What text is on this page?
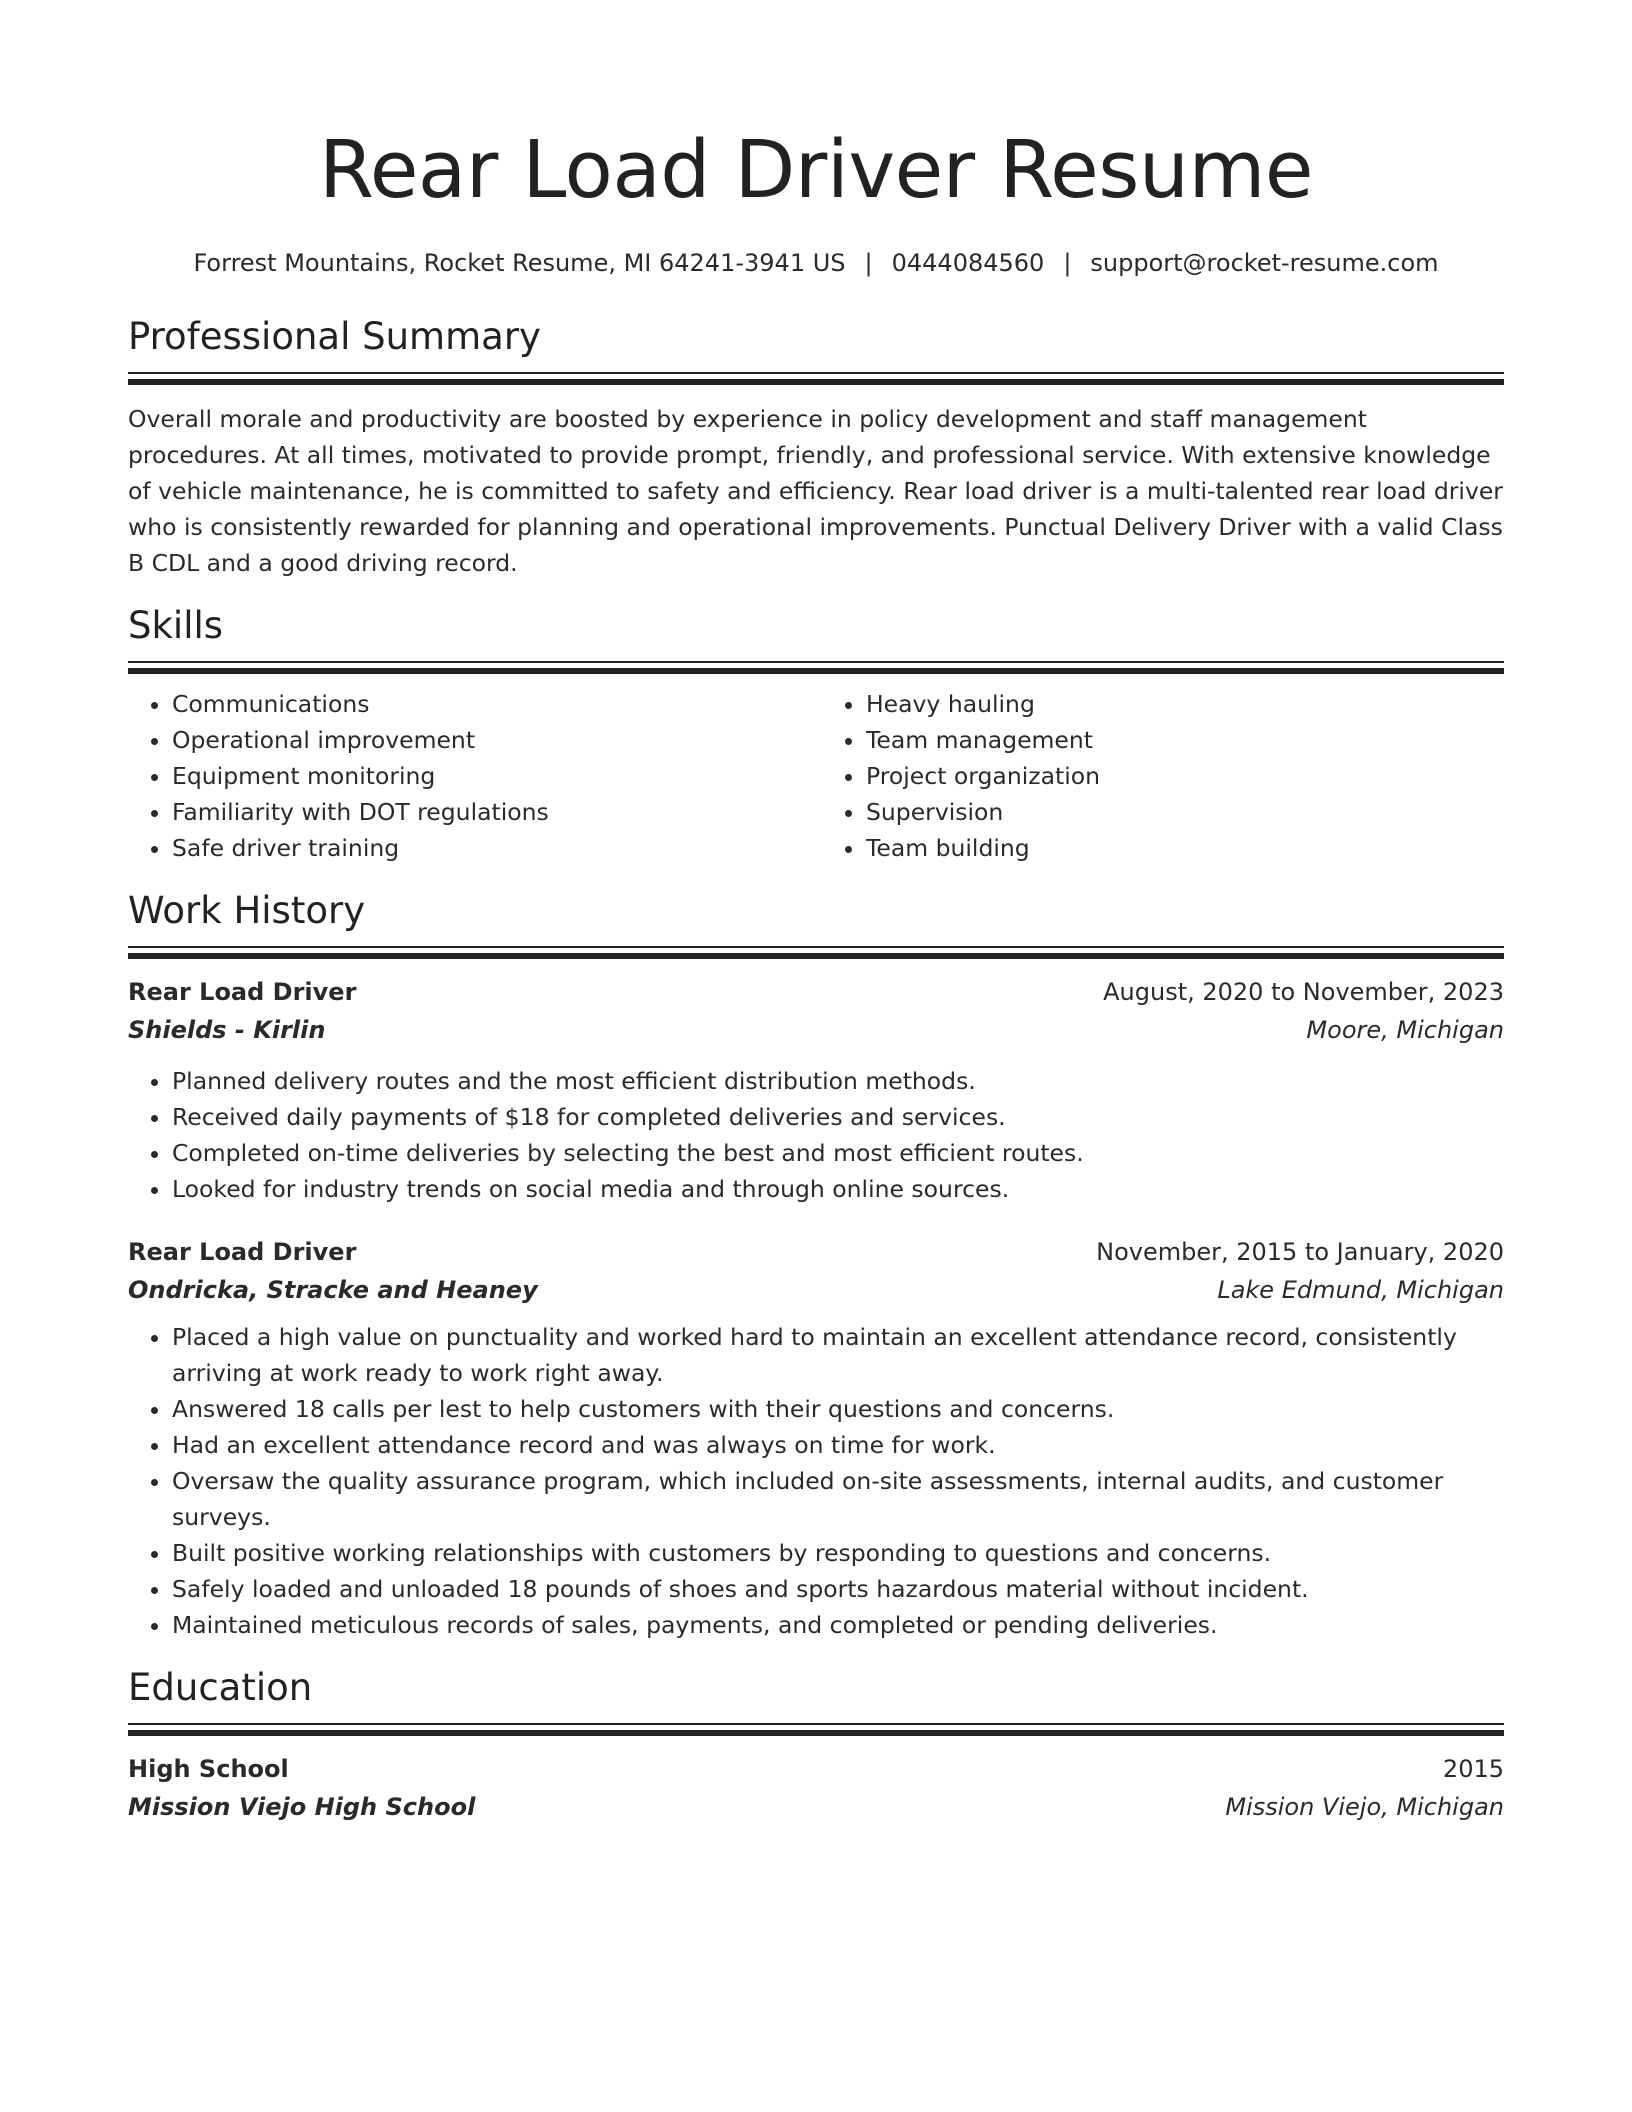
Rear Load Driver Resume
Forrest Mountains, Rocket Resume, MI 64241-3941 US | 0444084560 | support@rocket-resume.com
Professional Summary

Overall morale and productivity are boosted by experience in policy development and staff management procedures. At all times, motivated to provide prompt, friendly, and professional service. With extensive knowledge of vehicle maintenance, he is committed to safety and efficiency. Rear load driver is a multi-talented rear load driver who is consistently rewarded for planning and operational improvements. Punctual Delivery Driver with a valid Class B CDL and a good driving record.

Skills
• Communications
• Operational improvement
• Equipment monitoring
• Familiarity with DOT regulations
• Safe driver training
• Heavy hauling
• Team management
• Project organization
• Supervision
• Team building
Work History
Rear Load Driver	August, 2020 to November, 2023
Shields - Kirlin	Moore, Michigan
• Planned delivery routes and the most efficient distribution methods.
• Received daily payments of $18 for completed deliveries and services.
• Completed on-time deliveries by selecting the best and most efficient routes.
• Looked for industry trends on social media and through online sources.
Rear Load Driver	November, 2015 to January, 2020
Ondricka, Stracke and Heaney	Lake Edmund, Michigan
• Placed a high value on punctuality and worked hard to maintain an excellent attendance record, consistently arriving at work ready to work right away.
• Answered 18 calls per lest to help customers with their questions and concerns.
• Had an excellent attendance record and was always on time for work.
• Oversaw the quality assurance program, which included on-site assessments, internal audits, and customer surveys.
• Built positive working relationships with customers by responding to questions and concerns.
• Safely loaded and unloaded 18 pounds of shoes and sports hazardous material without incident.
• Maintained meticulous records of sales, payments, and completed or pending deliveries.
Education
High School	2015
Mission Viejo High School	Mission Viejo, Michigan
